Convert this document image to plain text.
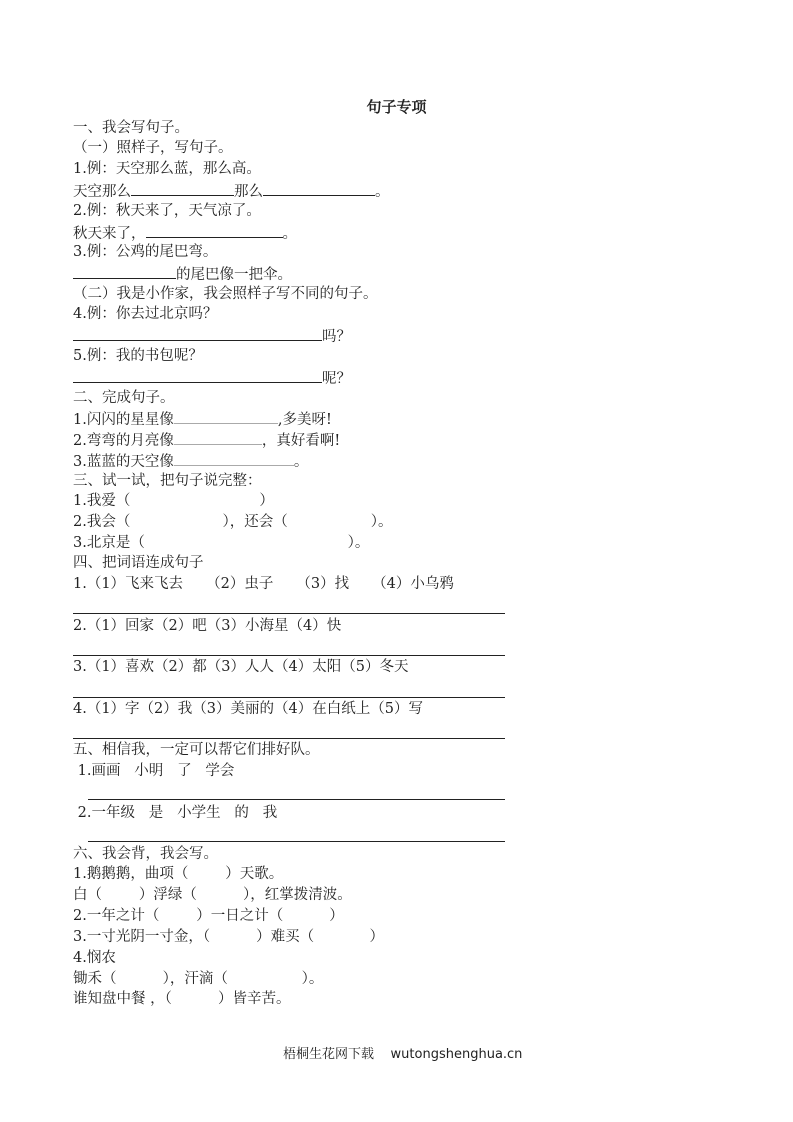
句子专项
一、我会写句子。
（一）照样子，写句子。
1.例：天空那么蓝，那么高。
天空那么	那么	。
2.例：秋天来了，天气凉了。
秋天来了，	。
3.例：公鸡的尾巴弯。
的尾巴像一把伞。
（二）我是小作家，我会照样子写不同的句子。
4.例：你去过北京吗？
吗？
5.例：我的书包呢？
呢？
二、完成句子。
1.闪闪的星星像	,多美呀!
2.弯弯的月亮像	，真好看啊!
3.蓝蓝的天空像	。
三、试一试，把句子说完整：
1.我爱（                            ）
2.我会（                    ），还会（                  ）。
3.北京是（                                            ）。
四、把词语连成句子
1.（1）飞来飞去     （2）虫子     （3）找     （4）小乌鸦
2.（1）回家（2）吧（3）小海星（4）快
3.（1）喜欢（2）都（3）人人（4）太阳（5）冬天
4.（1）字（2）我（3）美丽的（4）在白纸上（5）写
五、相信我，一定可以帮它们排好队。
1.画画   小明   了   学会
2.一年级   是   小学生   的   我
六、我会背，我会写。
1.鹅鹅鹅，曲项（        ）天歌。
白（        ）浮绿（          ），红掌拨清波。
2.一年之计（        ）一日之计（          ）
3.一寸光阴一寸金，（          ）难买（            ）
4.悯农
锄禾（          ），汗滴（                ）。
谁知盘中餐 ，（          ）皆辛苦。
梧桐生花网下载 wutongshenghua.cn
